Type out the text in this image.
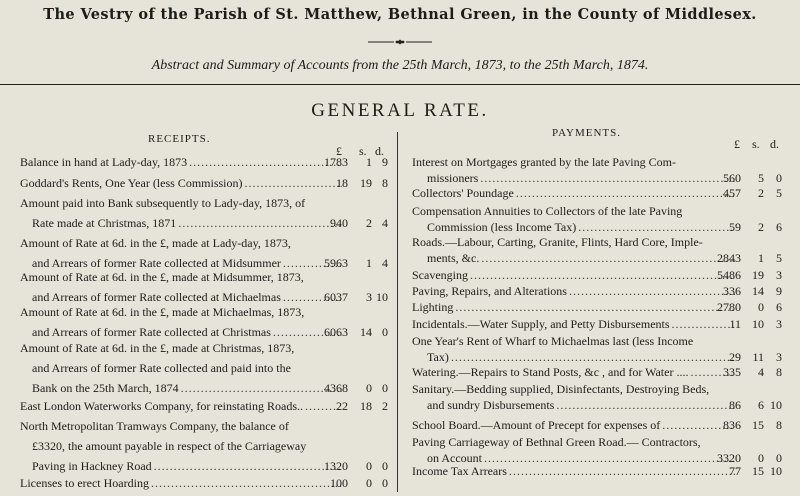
The Vestry of the Parish of St. Matthew, Bethnal Green, in the County of Middlesex.
Abstract and Summary of Accounts from the 25th March, 1873, to the 25th March, 1874.
GENERAL RATE.
RECEIPTS.
£ s. d.
PAYMENTS.
£ s. d.
Balance in hand at Lady-day, 1873 .....	1783 1 9
Goddard's Rents, One Year (less Commission) .....	18 19 8
Amount paid into Bank subsequently to Lady-day, 1873, of
Rate made at Christmas, 1871 .....	940 2 4
Amount of Rate at 6d. in the £, made at Lady-day, 1873,
and Arrears of former Rate collected at Midsummer .....	5963 1 4
Amount of Rate at 6d. in the £, made at Midsummer, 1873,
and Arrears of former Rate collected at Michaelmas .....	6037 3 10
Amount of Rate at 6d. in the £, made at Michaelmas, 1873,
and Arrears of former Rate collected at Christmas .....	6063 14 0
Amount of Rate at 6d. in the £, made at Christmas, 1873,
and Arrears of former Rate collected and paid into the
Bank on the 25th March, 1874 .....	4368 0 0
East London Waterworks Company, for reinstating Roads.. .....	22 18 2
North Metropolitan Tramways Company, the balance of
£3320, the amount payable in respect of the Carriageway
Paving in Hackney Road .....	1320 0 0
Licenses to erect Hoarding .....	100 0 0
Interest on Mortgages granted by the late Paving Com-
missioners .....	560 5 0
Collectors' Poundage .....	457 2 5
Compensation Annuities to Collectors of the late Paving
Commission (less Income Tax) .....	59 2 6
Roads.—Labour, Carting, Granite, Flints, Hard Core, Imple-
ments, &c. .....	2843 1 5
Scavenging .....	5486 19 3
Paving, Repairs, and Alterations .....	336 14 9
Lighting .....	2780 0 6
Incidentals.—Water Supply, and Petty Disbursements .....	11 10 3
One Year's Rent of Wharf to Michaelmas last (less Income
Tax) .....	29 11 3
Watering.—Repairs to Stand Posts, &c , and for Water .... .....	335 4 8
Sanitary.—Bedding supplied, Disinfectants, Destroying Beds,
and sundry Disbursements .....	86 6 10
School Board.—Amount of Precept for expenses of .....	836 15 8
Paving Carriageway of Bethnal Green Road.— Contractors,
on Account .....	3320 0 0
Income Tax Arrears .....	77 15 10
